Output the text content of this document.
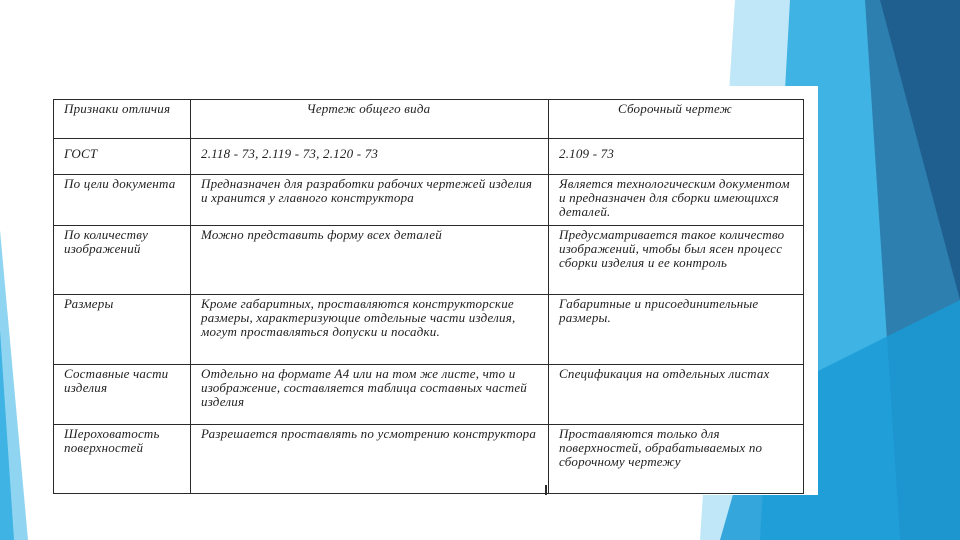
Признаки отличия	Чертеж общего вида	Сборочный чертеж
ГОСТ	2.118 - 73, 2.119 - 73, 2.120 - 73	2.109 - 73
По цели документа	Предназначен для разработки рабочих чертежей изделия и хранится у главного конструктора	Является технологическим документом и предназначен для сборки имеющихся деталей.
По количеству изображений	Можно представить форму всех деталей	Предусматривается такое количество изображений, чтобы был ясен процесс сборки изделия и ее контроль
Размеры	Кроме габаритных, проставляются конструкторские размеры, характеризующие отдельные части изделия, могут проставляться допуски и посадки.	Габаритные и присоединительные размеры.
Составные части изделия	Отдельно на формате А4 или на том же листе, что и изображение, составляется таблица составных частей изделия	Спецификация на отдельных листах
Шероховатость поверхностей	Разрешается проставлять по усмотрению конструктора	Проставляются только для поверхностей, обрабатываемых по сборочному чертежу
